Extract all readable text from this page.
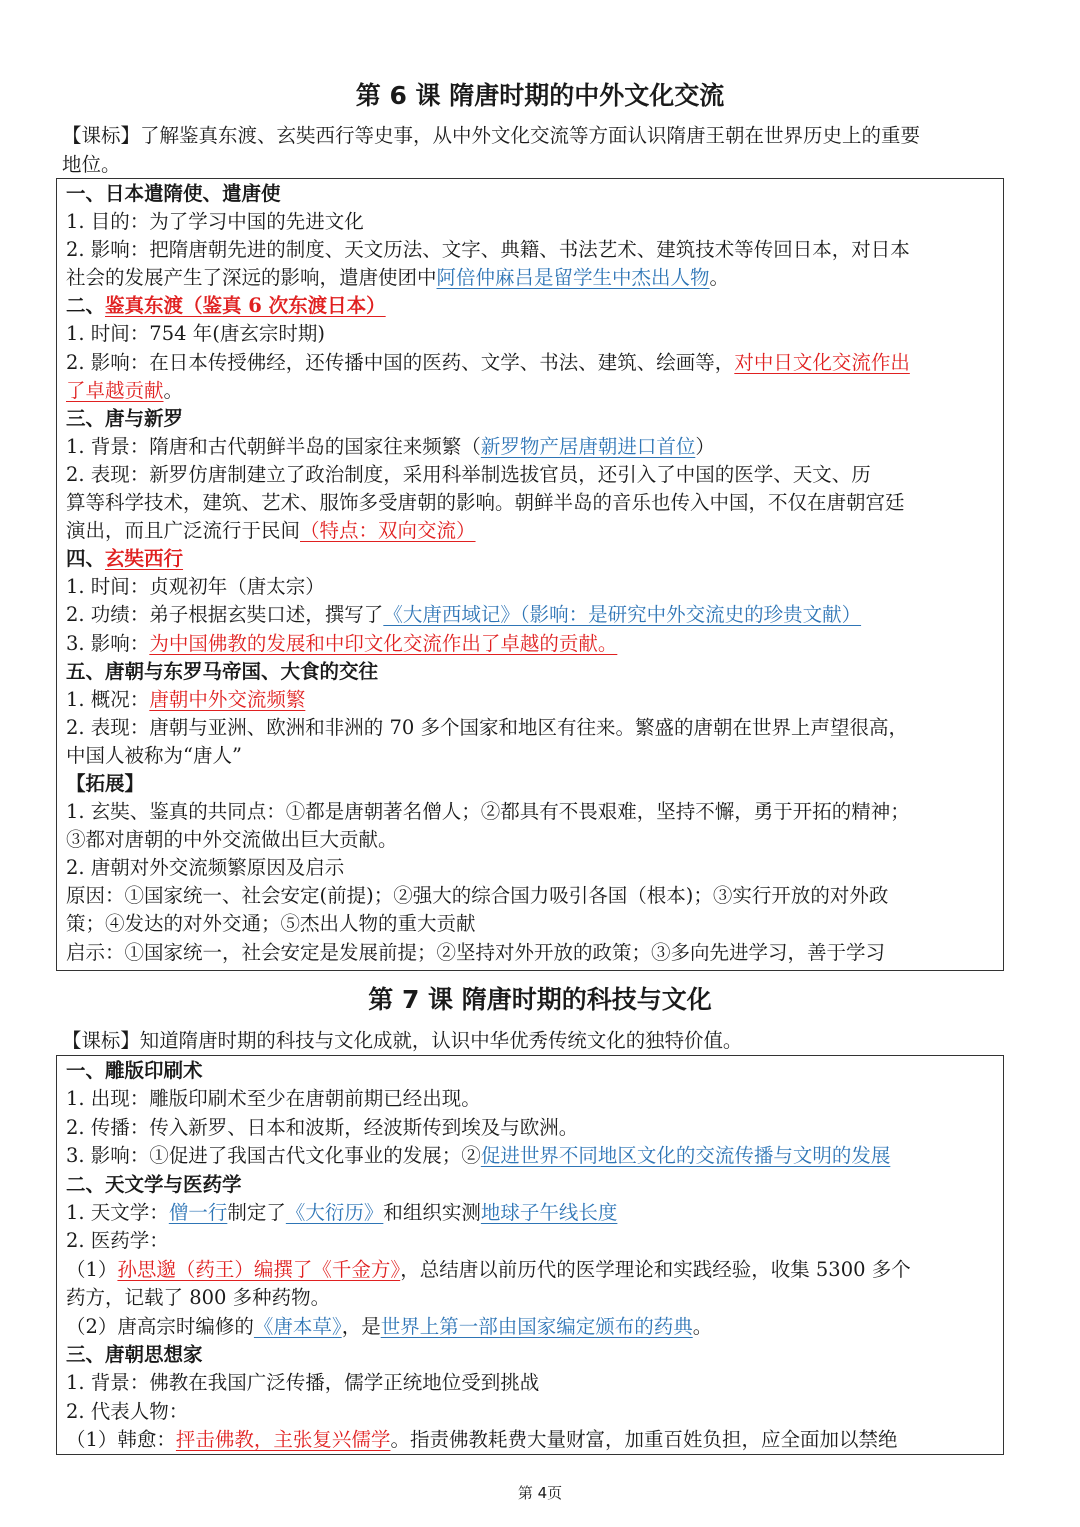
第 6 课 隋唐时期的中外文化交流
【课标】了解鉴真东渡、玄奘西行等史事，从中外文化交流等方面认识隋唐王朝在世界历史上的重要
地位。
一、日本遣隋使、遣唐使
1. 目的：为了学习中国的先进文化
2. 影响：把隋唐朝先进的制度、天文历法、文字、典籍、书法艺术、建筑技术等传回日本，对日本
社会的发展产生了深远的影响，遣唐使团中阿倍仲麻吕是留学生中杰出人物。
二、鉴真东渡（鉴真 6 次东渡日本）
1. 时间：754 年(唐玄宗时期)
2. 影响：在日本传授佛经，还传播中国的医药、文学、书法、建筑、绘画等，对中日文化交流作出
了卓越贡献。
三、唐与新罗
1. 背景：隋唐和古代朝鲜半岛的国家往来频繁（新罗物产居唐朝进口首位）
2. 表现：新罗仿唐制建立了政治制度，采用科举制选拔官员，还引入了中国的医学、天文、历
算等科学技术，建筑、艺术、服饰多受唐朝的影响。朝鲜半岛的音乐也传入中国，不仅在唐朝宫廷
演出，而且广泛流行于民间（特点：双向交流）
四、玄奘西行
1. 时间：贞观初年（唐太宗）
2. 功绩：弟子根据玄奘口述，撰写了《大唐西域记》（影响：是研究中外交流史的珍贵文献）
3. 影响：为中国佛教的发展和中印文化交流作出了卓越的贡献。
五、唐朝与东罗马帝国、大食的交往
1. 概况：唐朝中外交流频繁
2. 表现：唐朝与亚洲、欧洲和非洲的 70 多个国家和地区有往来。繁盛的唐朝在世界上声望很高，
中国人被称为“唐人”
【拓展】
1. 玄奘、鉴真的共同点：①都是唐朝著名僧人；②都具有不畏艰难，坚持不懈，勇于开拓的精神；
③都对唐朝的中外交流做出巨大贡献。
2. 唐朝对外交流频繁原因及启示
原因：①国家统一、社会安定(前提)；②强大的综合国力吸引各国（根本)；③实行开放的对外政
策；④发达的对外交通；⑤杰出人物的重大贡献
启示：①国家统一，社会安定是发展前提；②坚持对外开放的政策；③多向先进学习，善于学习
第 7 课 隋唐时期的科技与文化
【课标】知道隋唐时期的科技与文化成就，认识中华优秀传统文化的独特价值。
一、雕版印刷术
1. 出现：雕版印刷术至少在唐朝前期已经出现。
2. 传播：传入新罗、日本和波斯，经波斯传到埃及与欧洲。
3. 影响：①促进了我国古代文化事业的发展；②促进世界不同地区文化的交流传播与文明的发展
二、天文学与医药学
1. 天文学：僧一行制定了《大衍历》和组织实测地球子午线长度
2. 医药学：
（1）孙思邈（药王）编撰了《千金方》，总结唐以前历代的医学理论和实践经验，收集 5300 多个
药方，记载了 800 多种药物。
（2）唐高宗时编修的《唐本草》，是世界上第一部由国家编定颁布的药典。
三、唐朝思想家
1. 背景：佛教在我国广泛传播，儒学正统地位受到挑战
2. 代表人物：
（1）韩愈：抨击佛教，主张复兴儒学。指责佛教耗费大量财富，加重百姓负担，应全面加以禁绝
第 4页
